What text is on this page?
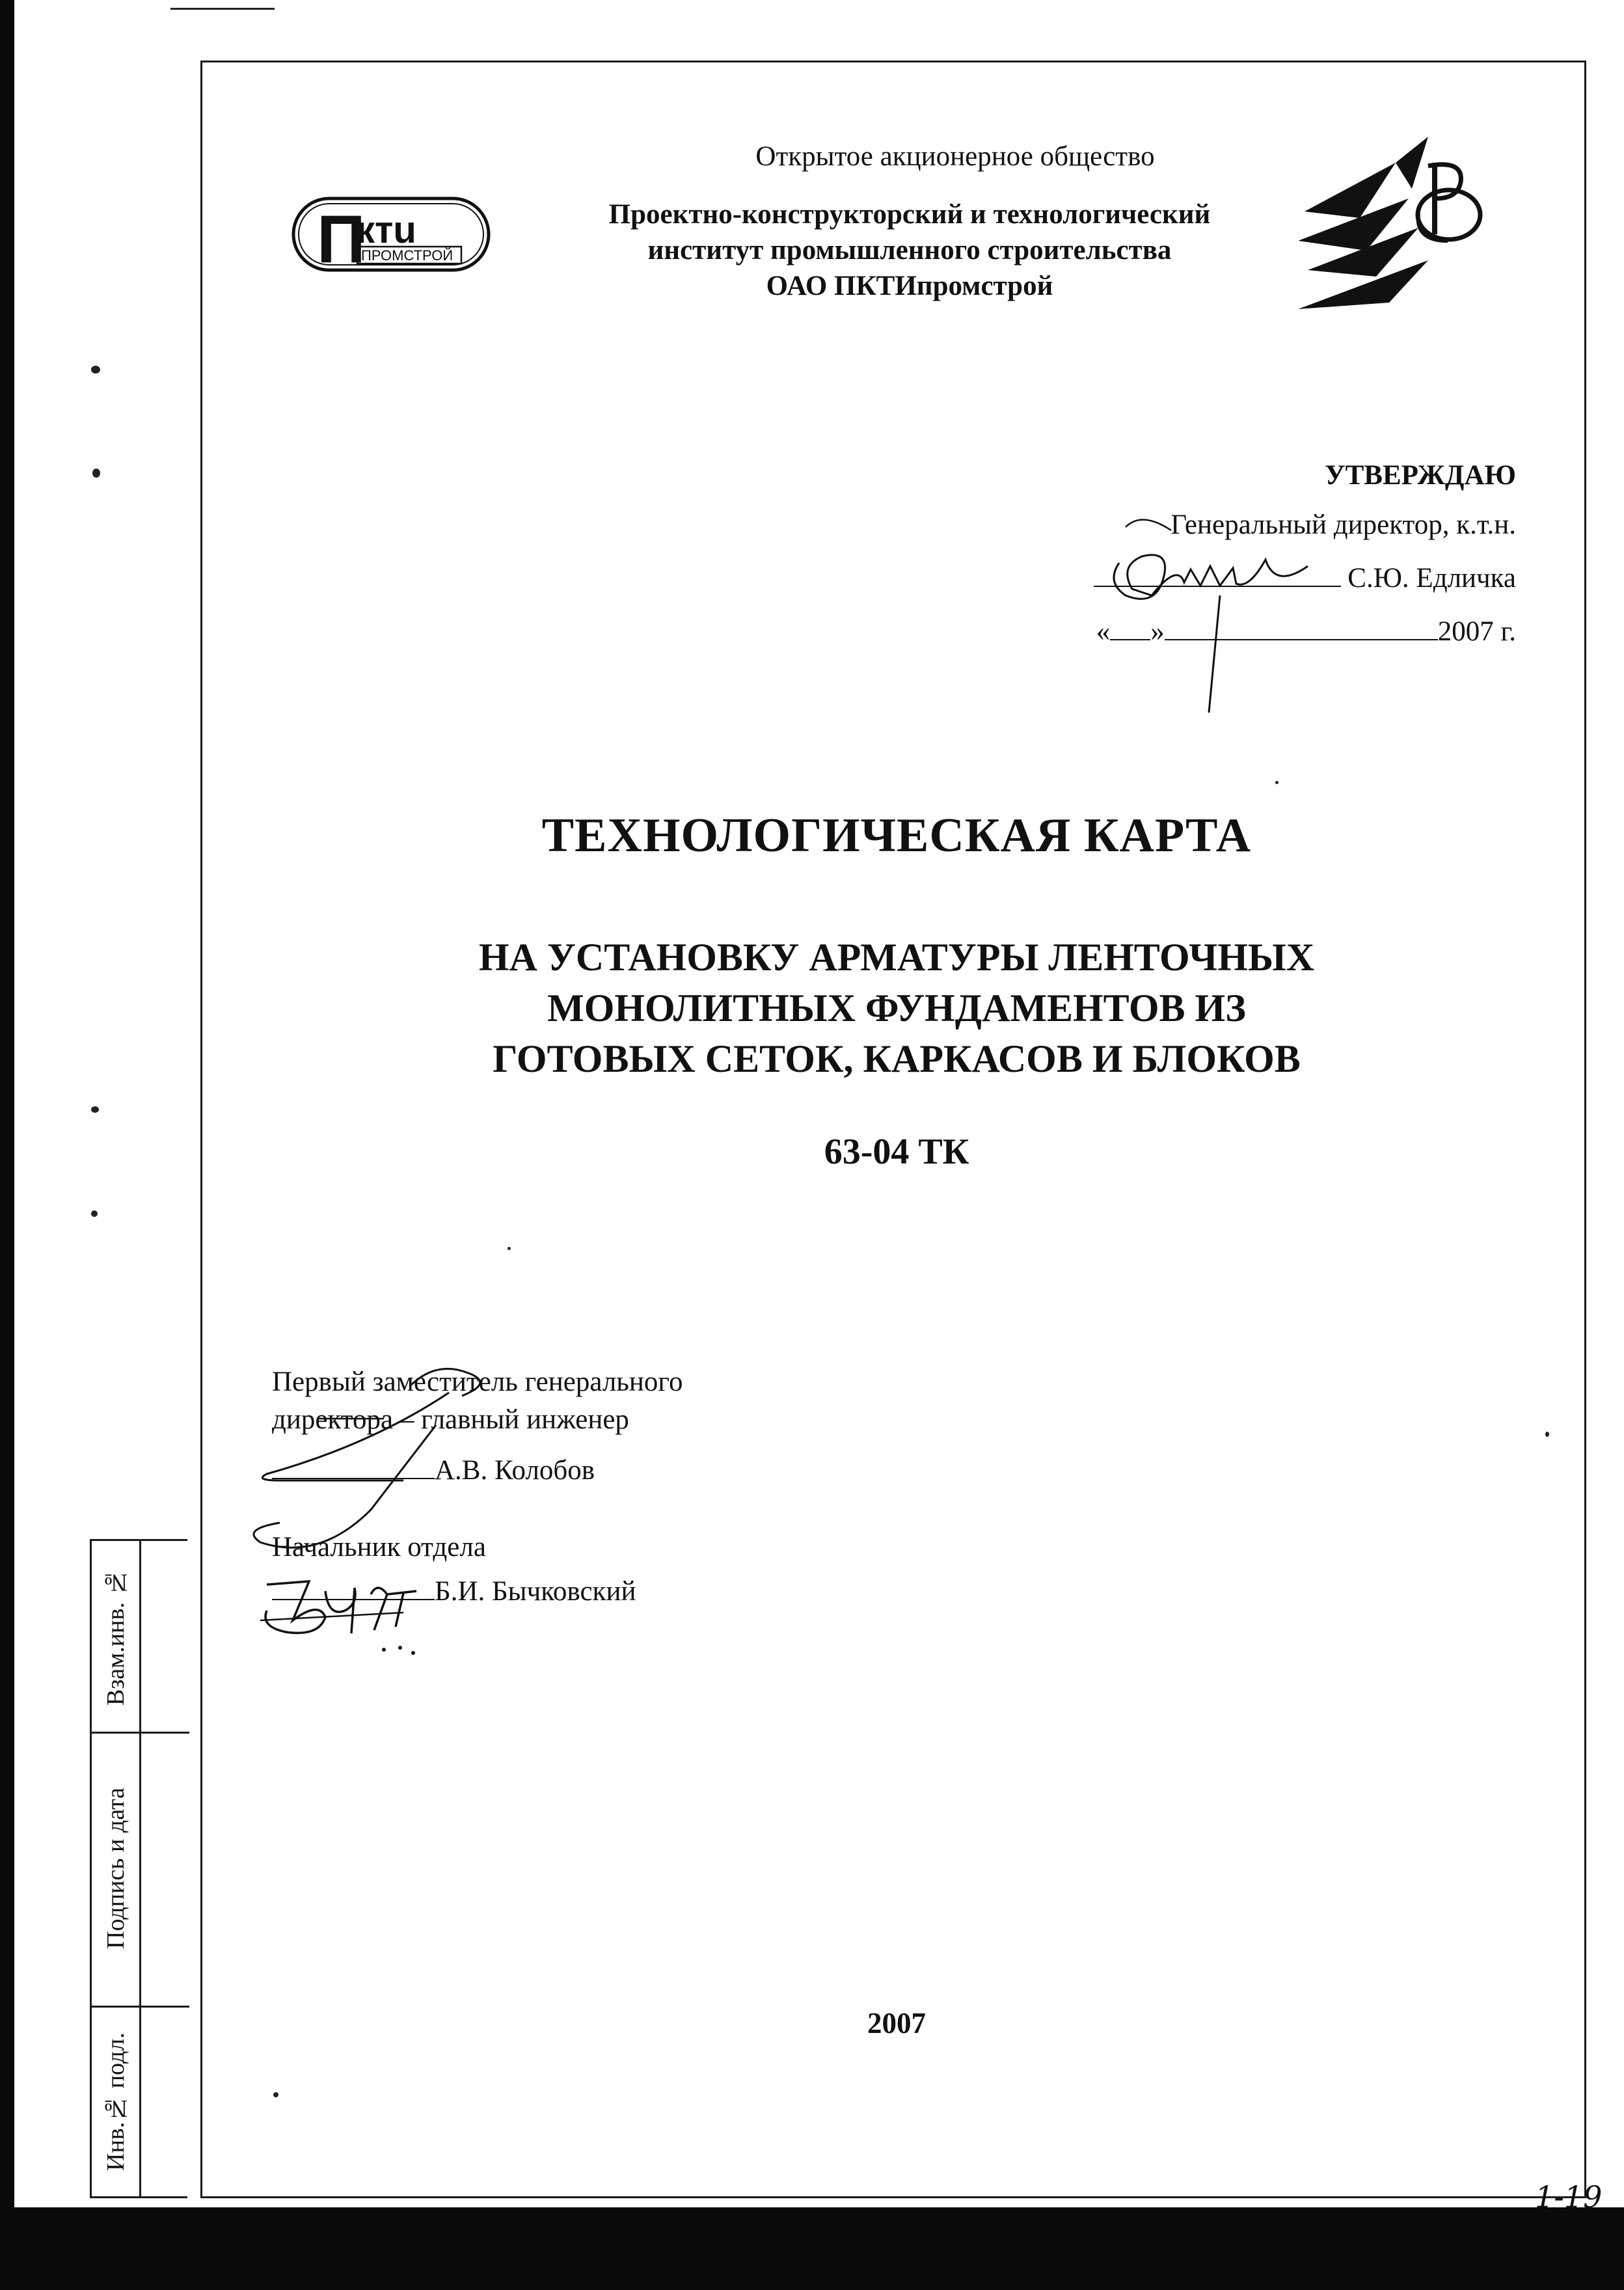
Взам.инв. №
Подпись и дата
Инв.№ подл.
Открытое акционерное общество
Проектно-конструкторский и технологический
институт промышленного строительства
ОАО ПКТИпромстрой
П
ктu
ПРОМСТРОЙ
УТВЕРЖДАЮ
Генеральный директор, к.т.н.
С.Ю. Едличка
« »	2007 г.
ТЕХНОЛОГИЧЕСКАЯ КАРТА
НА УСТАНОВКУ АРМАТУРЫ ЛЕНТОЧНЫХ
МОНОЛИТНЫХ ФУНДАМЕНТОВ ИЗ
ГОТОВЫХ СЕТОК, КАРКАСОВ И БЛОКОВ
63-04 ТК
Первый заместитель генерального
директора – главный инженер
А.В. Колобов
Начальник отдела
Б.И. Бычковский
2007
1-19
